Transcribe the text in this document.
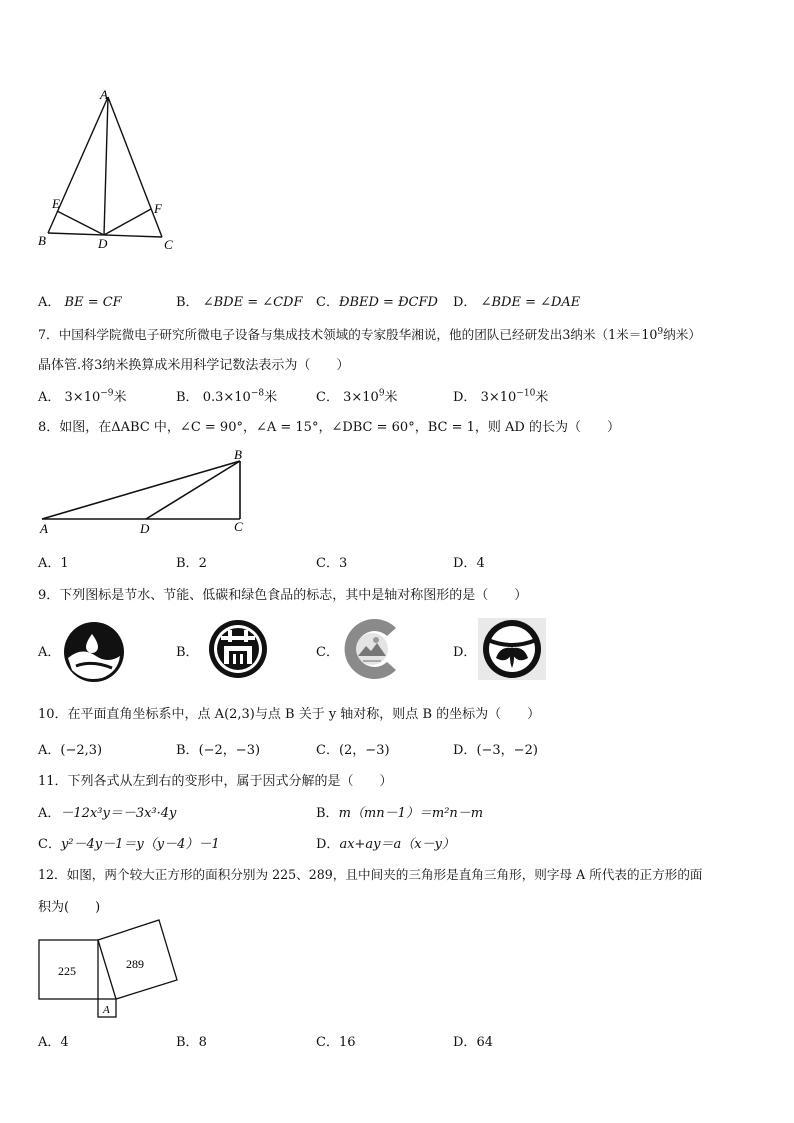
A
B	C
D
E	F
A． BE = CF	B． ∠BDE = ∠CDF C．ÐBED = ÐCFD D． ∠BDE = ∠DAE
7．中国科学院微电子研究所微电子设备与集成技术领域的专家殷华湘说，他的团队已经研发出3纳米（1米$=10^9$纳米）
晶体管.将3纳米换算成米用科学记数法表示为（　　）
A． $3\times 10^{-9}$米	B． $0.3\times 10^{-8}$米	C． $3\times 10^9$米	D． $3\times 10^{-10}$米
8．如图，在ΔABC 中，∠C = 90°，∠A = 15°，∠DBC = 60°，BC = 1，则 AD 的长为（　　）
A
B
C
D
A．1	B．2	C．3	D．4
9．下列图标是节水、节能、低碳和绿色食品的标志，其中是轴对称图形的是（　　）
A．	B．	C．	D．
10．在平面直角坐标系中，点 A(2,3)与点 B 关于 y 轴对称，则点 B 的坐标为（　　）
A．(−2,3)	B．(−2，−3)	C．(2，−3)	D．(−3，−2)
11．下列各式从左到右的变形中，属于因式分解的是（　　）
A．－12x³y＝－3x³·4y	B．m（mn－1）＝m²n－m
C．y²－4y－1＝y（y－4）－1	D．ax+ay＝a（x－y）
12．如图，两个较大正方形的面积分别为 225、289，且中间夹的三角形是直角三角形，则字母 A 所代表的正方形的面
积为(　　)
225	289
A
A．4	B．8	C．16	D．64
